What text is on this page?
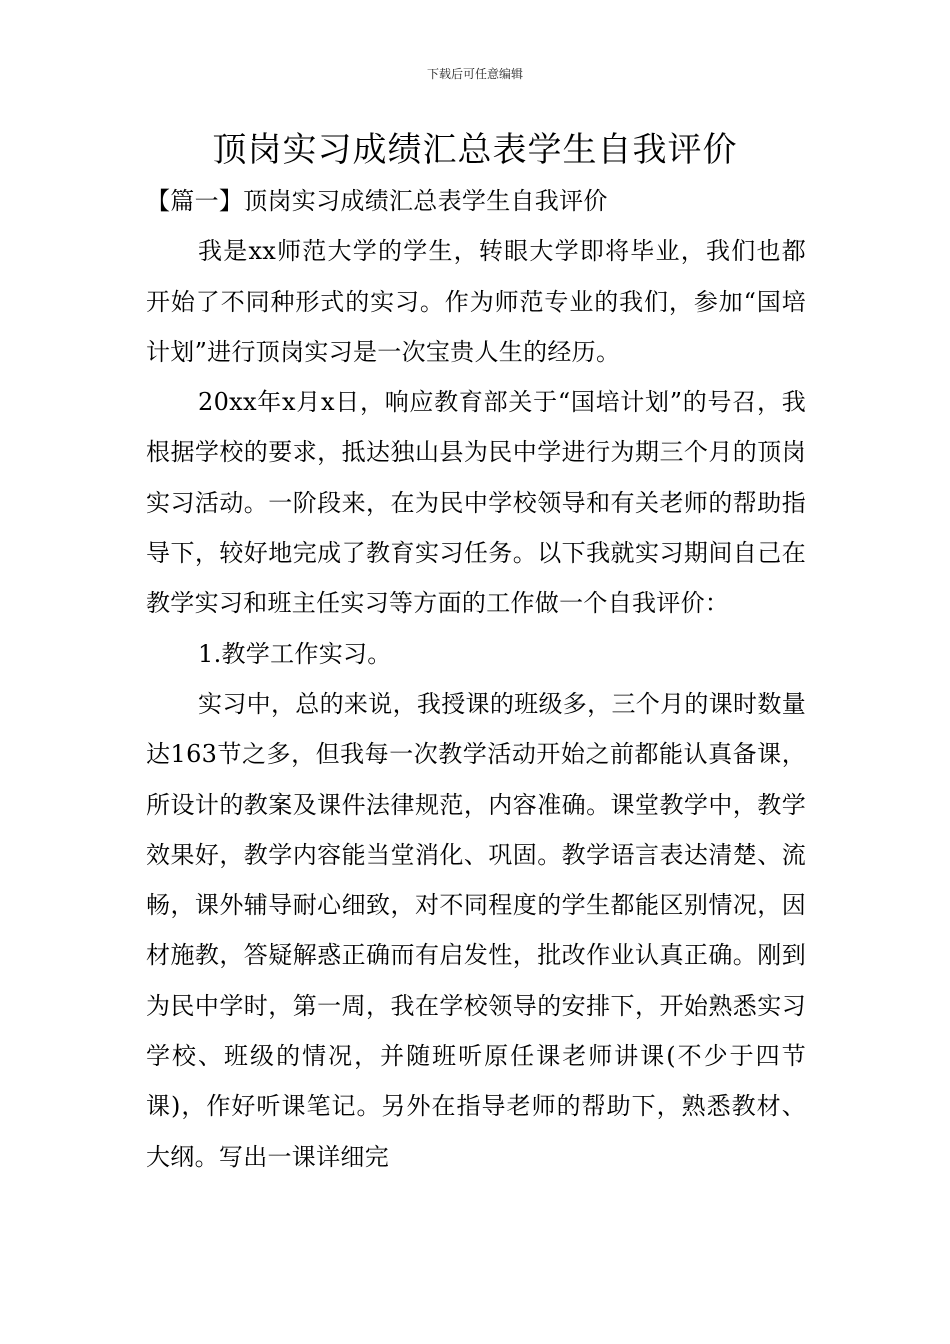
下载后可任意编辑
顶岗实习成绩汇总表学生自我评价

【篇一】顶岗实习成绩汇总表学生自我评价

我是xx师范大学的学生，转眼大学即将毕业，我们也都开始了不同种形式的实习。作为师范专业的我们，参加“国培计划”进行顶岗实习是一次宝贵人生的经历。

20xx年x月x日，响应教育部关于“国培计划”的号召，我根据学校的要求，抵达独山县为民中学进行为期三个月的顶岗实习活动。一阶段来，在为民中学校领导和有关老师的帮助指导下，较好地完成了教育实习任务。以下我就实习期间自己在教学实习和班主任实习等方面的工作做一个自我评价：

1.教学工作实习。

实习中，总的来说，我授课的班级多，三个月的课时数量达163节之多，但我每一次教学活动开始之前都能认真备课，所设计的教案及课件法律规范，内容准确。课堂教学中，教学效果好，教学内容能当堂消化、巩固。教学语言表达清楚、流畅，课外辅导耐心细致，对不同程度的学生都能区别情况，因材施教，答疑解惑正确而有启发性，批改作业认真正确。刚到为民中学时，第一周，我在学校领导的安排下，开始熟悉实习学校、班级的情况，并随班听原任课老师讲课(不少于四节课)，作好听课笔记。另外在指导老师的帮助下，熟悉教材、大纲。写出一课详细完
